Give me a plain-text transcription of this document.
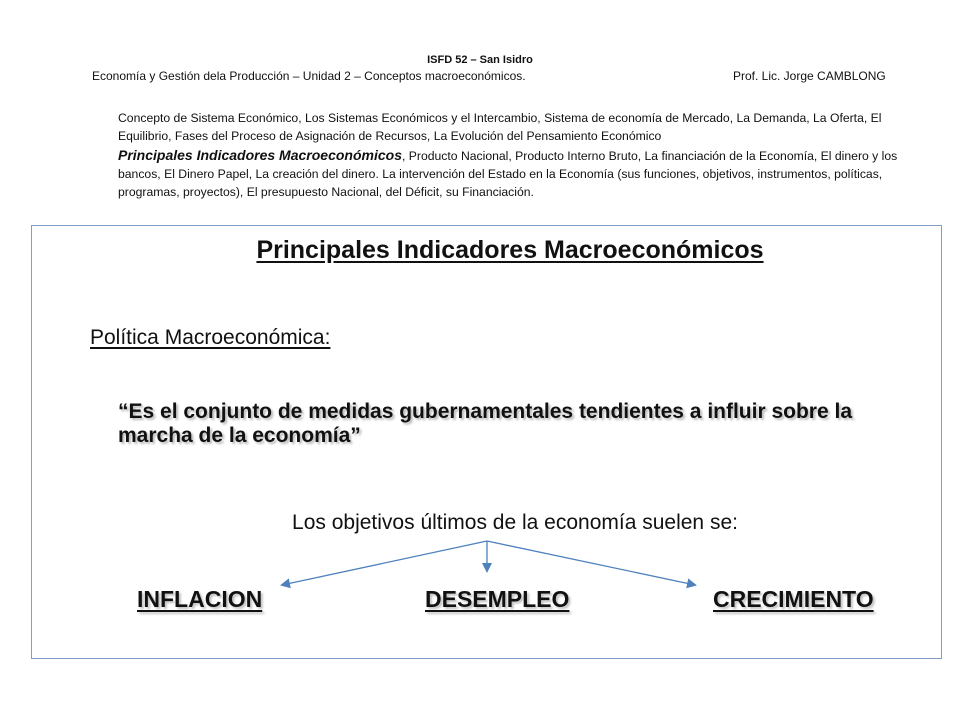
ISFD 52 – San Isidro
Economía y Gestión dela Producción – Unidad 2 – Conceptos macroeconómicos.	Prof. Lic. Jorge CAMBLONG
Concepto de Sistema Económico, Los Sistemas Económicos y el Intercambio, Sistema de economía de Mercado, La Demanda, La Oferta, El Equilibrio, Fases del Proceso de Asignación de Recursos, La Evolución del Pensamiento Económico
Principales Indicadores Macroeconómicos, Producto Nacional, Producto Interno Bruto, La financiación de la Economía, El dinero y los bancos, El Dinero Papel, La creación del dinero. La intervención del Estado en la Economía (sus funciones, objetivos, instrumentos, políticas, programas, proyectos), El presupuesto Nacional, del Déficit, su Financiación.
Principales Indicadores Macroeconómicos
Política Macroeconómica:
“Es el conjunto de medidas gubernamentales tendientes a influir sobre la marcha de la economía”
Los objetivos últimos de la economía suelen se:
INFLACION	DESEMPLEO	CRECIMIENTO
